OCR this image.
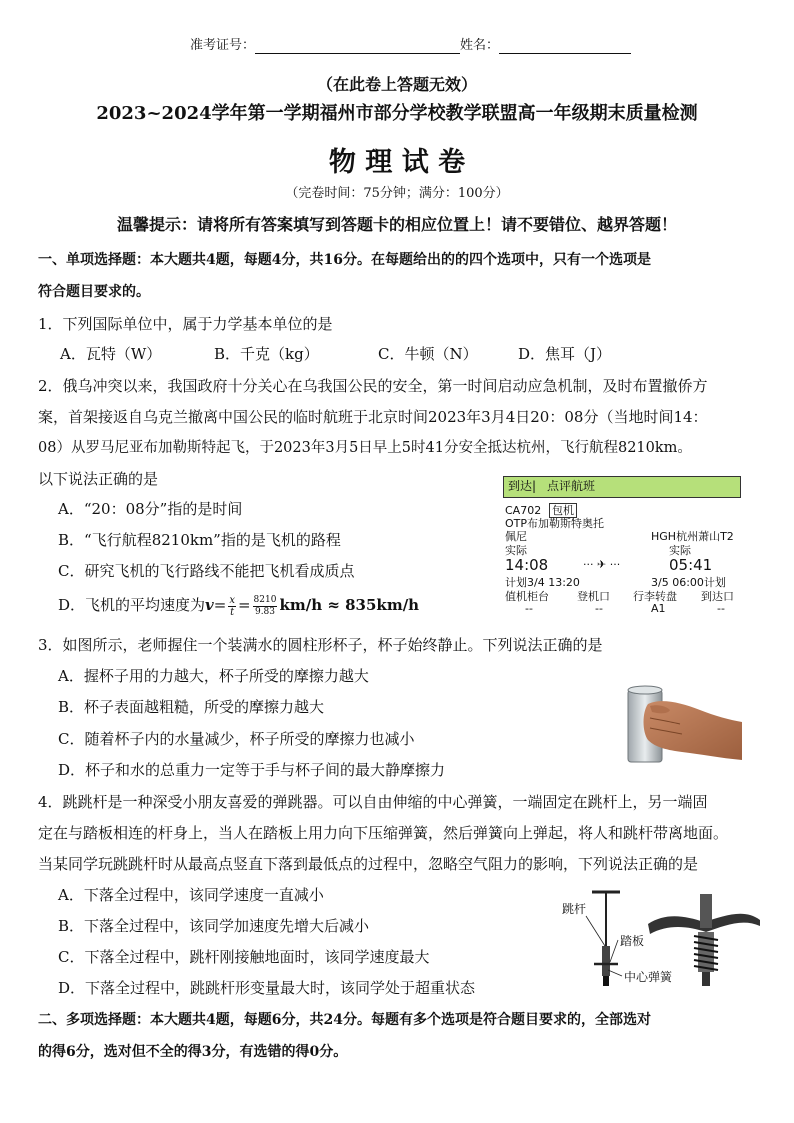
准考证号：	姓名：
（在此卷上答题无效）
2023~2024学年第一学期福州市部分学校教学联盟高一年级期末质量检测
物 理 试 卷
（完卷时间：75分钟；满分：100分）
温馨提示：请将所有答案填写到答题卡的相应位置上！请不要错位、越界答题！
一、单项选择题：本大题共4题，每题4分，共16分。在每题给出的的四个选项中，只有一个选项是
符合题目要求的。
1．下列国际单位中，属于力学基本单位的是
A．瓦特（W）	B．千克（kg）	C．牛顿（N）	D．焦耳（J）
2．俄乌冲突以来，我国政府十分关心在乌我国公民的安全，第一时间启动应急机制，及时布置撤侨方
案，首架接返自乌克兰撤离中国公民的临时航班于北京时间2023年3月4日20：08分（当地时间14：
08）从罗马尼亚布加勒斯特起飞，于2023年3月5日早上5时41分安全抵达杭州，飞行航程8210km。
以下说法正确的是
A．“20：08分”指的是时间
B．“飞行航程8210km”指的是飞机的路程
C．研究飞机的飞行路线不能把飞机看成质点
D．飞机的平均速度为$v= \frac{x}{t} = \frac{8210}{9.83} km/h \approx 835km/h$
到达| 点评航班
CA702 包机
OTP布加勒斯特奥托
佩尼	HGH杭州萧山T2
实际	实际
14:08	··· ✈ ···	05:41
计划3/4 13:20	3/5 06:00计划
值机柜台	登机口 行李转盘 到达口
--	--	A1	--
3．如图所示，老师握住一个装满水的圆柱形杯子，杯子始终静止。下列说法正确的是
A．握杯子用的力越大，杯子所受的摩擦力越大
B．杯子表面越粗糙，所受的摩擦力越大
C．随着杯子内的水量减少，杯子所受的摩擦力也减小
D．杯子和水的总重力一定等于手与杯子间的最大静摩擦力
4．跳跳杆是一种深受小朋友喜爱的弹跳器。可以自由伸缩的中心弹簧，一端固定在跳杆上，另一端固
定在与踏板相连的杆身上，当人在踏板上用力向下压缩弹簧，然后弹簧向上弹起，将人和跳杆带离地面。
当某同学玩跳跳杆时从最高点竖直下落到最低点的过程中，忽略空气阻力的影响，下列说法正确的是
A．下落全过程中，该同学速度一直减小
B．下落全过程中，该同学加速度先增大后减小
C．下落全过程中，跳杆刚接触地面时，该同学速度最大
D．下落全过程中，跳跳杆形变量最大时，该同学处于超重状态
跳杆
踏板
中心弹簧
二、多项选择题：本大题共4题，每题6分，共24分。每题有多个选项是符合题目要求的，全部选对
的得6分，选对但不全的得3分，有选错的得0分。
